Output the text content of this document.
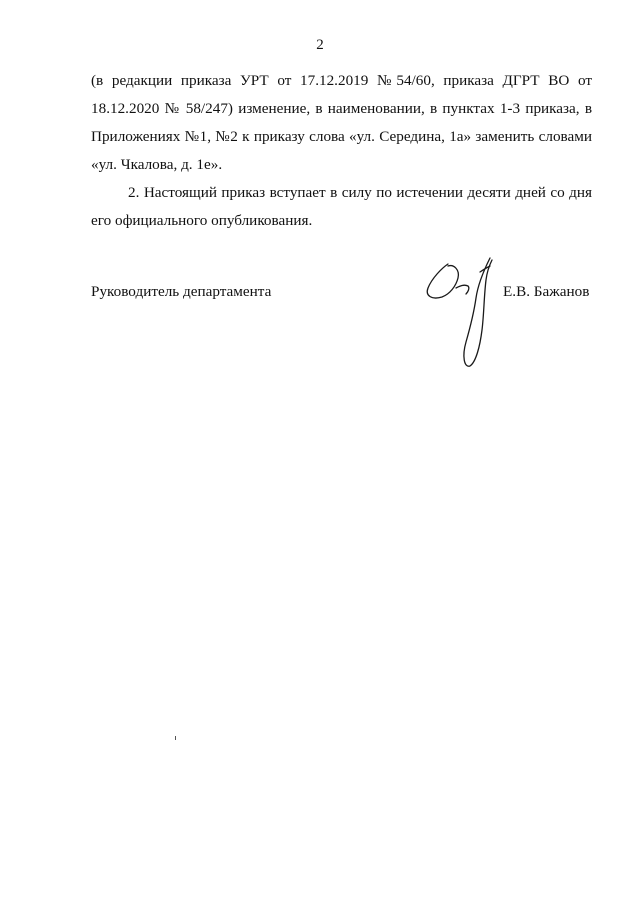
2
(в редакции приказа УРТ от 17.12.2019 №54/60, приказа ДГРТ ВО от
18.12.2020 № 58/247) изменение, в наименовании, в пунктах 1-3 приказа, в
Приложениях №1, №2 к приказу слова «ул. Середина, 1а» заменить словами
«ул. Чкалова, д. 1е».
2. Настоящий приказ вступает в силу по истечении десяти дней со дня
его официального опубликования.
Руководитель департамента	Е.В. Бажанов
